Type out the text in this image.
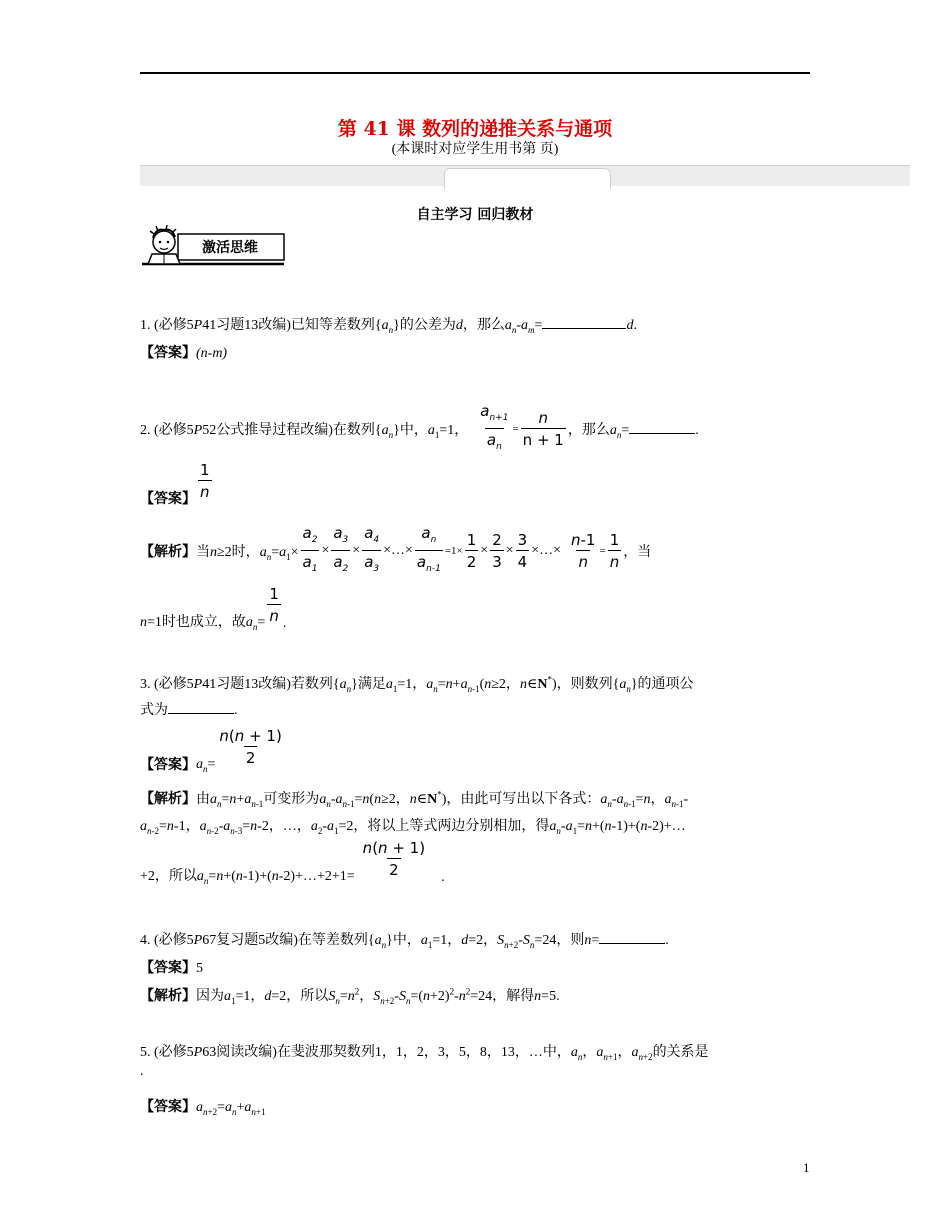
第 41 课 数列的递推关系与通项
(本课时对应学生用书第 页)
自主学习 回归教材
激活思维
1. (必修5P41习题13改编)已知等差数列$\{a_n\}$的公差为d，那么$a_n-a_m=$	d.
【答案】(n-m)
2. (必修5P52公式推导过程改编)在数列$\{a_n\}$中，$a_1=1$， $\frac{a_{n+1}}{a_n} = \frac{n}{n + 1}$ ，那么$a_n=$	.
【答案】 $\frac{1}{n}$
【解析】 当n≥2时，$a_n=a_1\times \frac{a_2}{a_1} \times \frac{a_3}{a_2} \times \frac{a_4}{a_3}$ ×…× $\frac{a_n}{a_{n-1}} =1\times \frac{1}{2} \times \frac{2}{3} \times \frac{3}{4}$ ×…× $\frac{n-1}{n} = \frac{1}{n}$ ，当
n=1时也成立，故$a_n= \frac{1}{n}$ .
3. (必修5P41习题13改编)若数列$\{a_n\}$满足$a_1=1$，$a_n=n+a_{n-1}(n\ge 2$，n∈N*)，则数列$\{a_n\}$的通项公
式为	.
【答案】 $a_n= \frac{n(n + 1)}{2}$
【解析】由$a_n=n+a_{n-1}$可变形为$a_n-a_{n-1}=n(n\ge 2$，n∈N*)，由此可写出以下各式：$a_n-a_{n-1}=n$，$a_{n-1}-$
$a_{n-2}=n-1$，$a_{n-2}-a_{n-3}=n-2$，…，$a_2-a_1=2$，将以上等式两边分别相加，得$a_n-a_1=n+(n-1)+(n-2)+\dots$
+2，所以$a_n=n+(n-1)+(n-2)+\dots+2+1= \frac{n(n + 1)}{2}$ .
4. (必修5P67复习题5改编)在等差数列$\{a_n\}$中，$a_1=1$，d=2，$S_{n+2}-S_n=24$，则n=	.
【答案】5
【解析】因为$a_1=1$，d=2，所以$S_n=n^2$，$S_{n+2}-S_n=(n+2)^2-n^2=24$，解得n=5.
5. (必修5P63阅读改编)在斐波那契数列1，1，2，3，5，8，13，…中，$a_n$，$a_{n+1}$，$a_{n+2}$的关系是
.
【答案】$a_{n+2}=a_n+a_{n+1}$
1
